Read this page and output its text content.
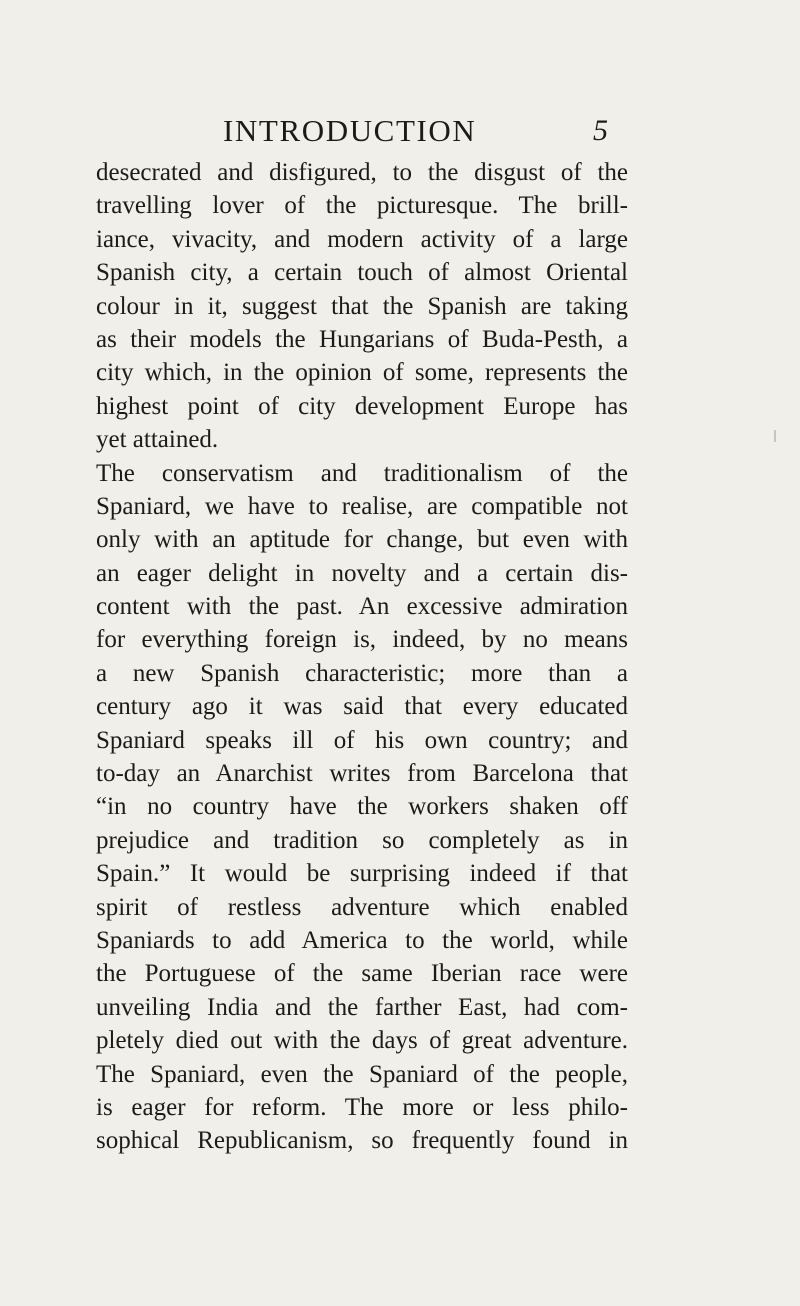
INTRODUCTION	5
desecrated and disfigured, to the disgust of the
travelling lover of the picturesque. The brill-
iance, vivacity, and modern activity of a large
Spanish city, a certain touch of almost Oriental
colour in it, suggest that the Spanish are taking
as their models the Hungarians of Buda-Pesth, a
city which, in the opinion of some, represents the
highest point of city development Europe has
yet attained.
The conservatism and traditionalism of the
Spaniard, we have to realise, are compatible not
only with an aptitude for change, but even with
an eager delight in novelty and a certain dis-
content with the past. An excessive admiration
for everything foreign is, indeed, by no means
a new Spanish characteristic; more than a
century ago it was said that every educated
Spaniard speaks ill of his own country; and
to-day an Anarchist writes from Barcelona that
“in no country have the workers shaken off
prejudice and tradition so completely as in
Spain.” It would be surprising indeed if that
spirit of restless adventure which enabled
Spaniards to add America to the world, while
the Portuguese of the same Iberian race were
unveiling India and the farther East, had com-
pletely died out with the days of great adventure.
The Spaniard, even the Spaniard of the people,
is eager for reform. The more or less philo-
sophical Republicanism, so frequently found in
